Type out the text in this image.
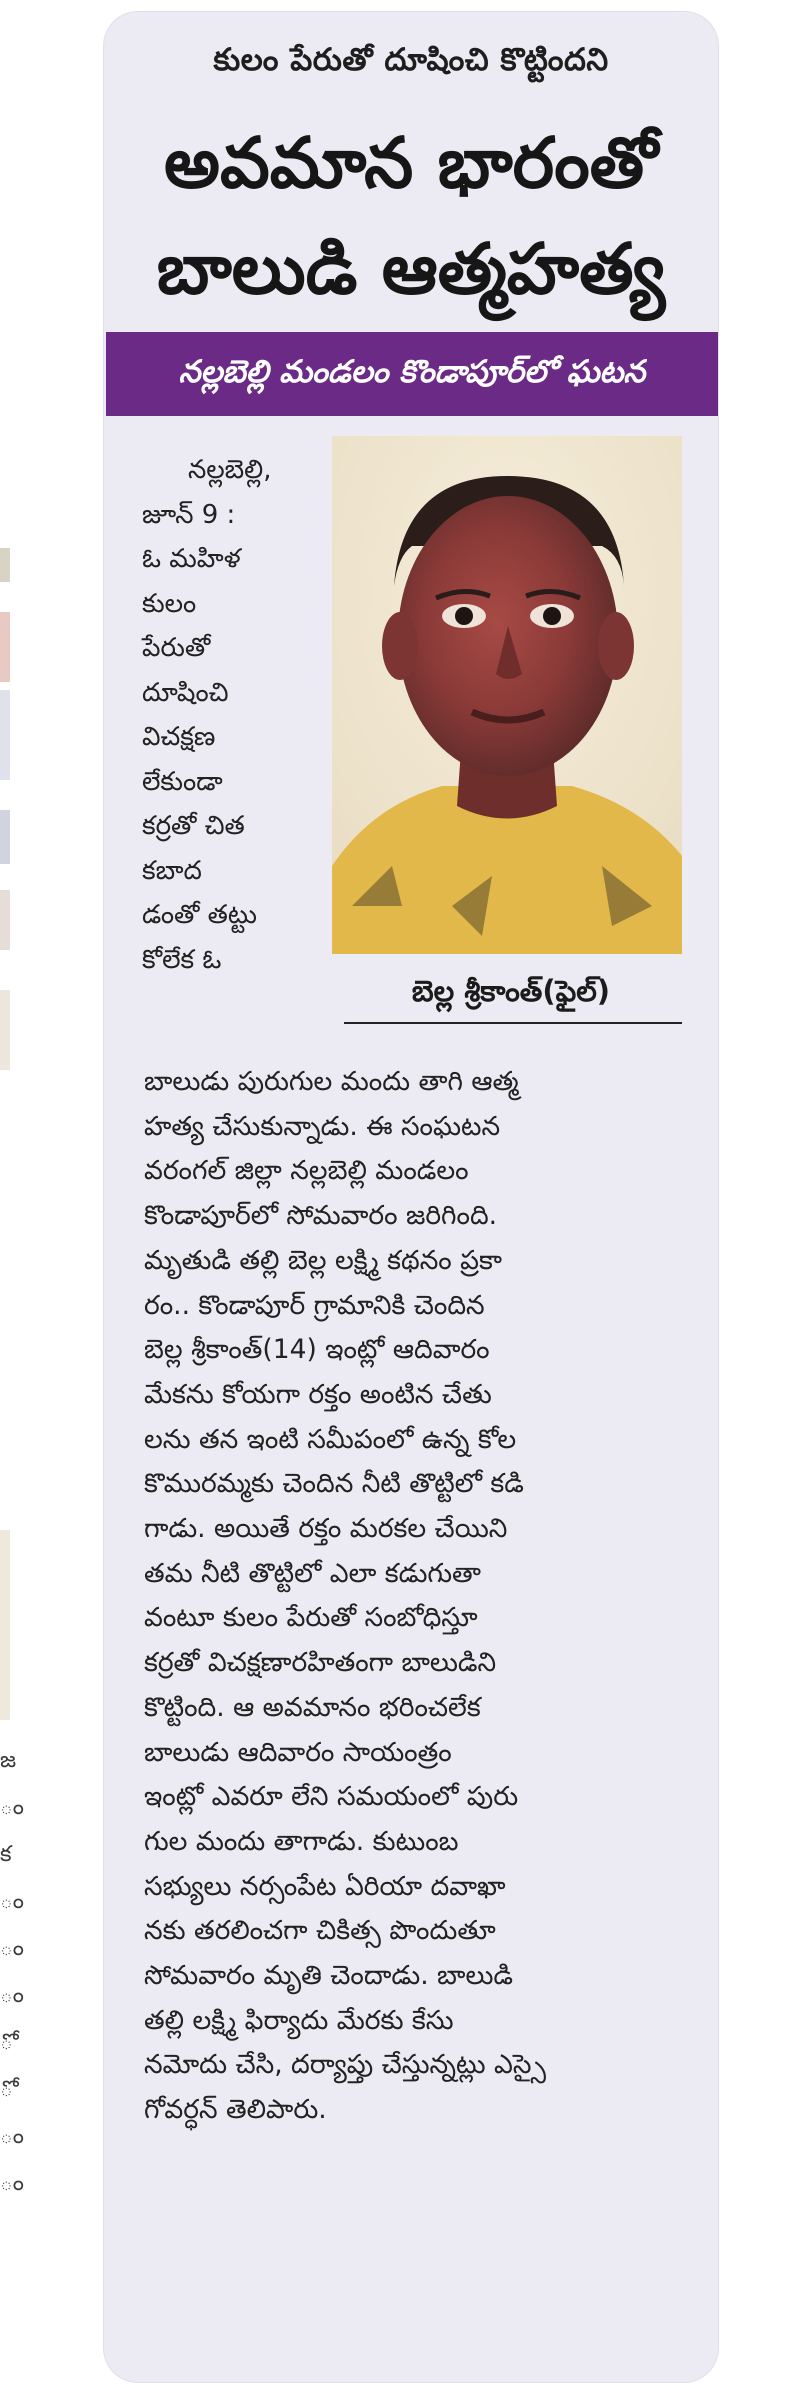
జ
ం
క
ం
ం
ం
ో
ో
ం
ం
కులం పేరుతో దూషించి కొట్టిందని
అవమాన భారంతో
బాలుడి ఆత్మహత్య
నల్లబెల్లి మండలం కొండాపూర్‌లో ఘటన
బెల్ల శ్రీకాంత్(ఫైల్)
నల్లబెల్లి,
జూన్ 9 :
ఓ మహిళ
కులం
పేరుతో
దూషించి
విచక్షణ
లేకుండా
కర్రతో చిత
కబాద
డంతో తట్టు
కోలేక ఓ
బాలుడు పురుగుల మందు తాగి ఆత్మ
హత్య చేసుకున్నాడు. ఈ సంఘటన
వరంగల్ జిల్లా నల్లబెల్లి మండలం
కొండాపూర్‌లో సోమవారం జరిగింది.
మృతుడి తల్లి బెల్ల లక్ష్మి కథనం ప్రకా
రం.. కొండాపూర్ గ్రామానికి చెందిన
బెల్ల శ్రీకాంత్(14) ఇంట్లో ఆదివారం
మేకను కోయగా రక్తం అంటిన చేతు
లను తన ఇంటి సమీపంలో ఉన్న కోల
కొమురమ్మకు చెందిన నీటి తొట్టిలో కడి
గాడు. అయితే రక్తం మరకల చేయిని
తమ నీటి తొట్టిలో ఎలా కడుగుతా
వంటూ కులం పేరుతో సంబోధిస్తూ
కర్రతో విచక్షణారహితంగా బాలుడిని
కొట్టింది. ఆ అవమానం భరించలేక
బాలుడు ఆదివారం సాయంత్రం
ఇంట్లో ఎవరూ లేని సమయంలో పురు
గుల మందు తాగాడు. కుటుంబ
సభ్యులు నర్సంపేట ఏరియా దవాఖా
నకు తరలించగా చికిత్స పొందుతూ
సోమవారం మృతి చెందాడు. బాలుడి
తల్లి లక్ష్మి ఫిర్యాదు మేరకు కేసు
నమోదు చేసి, దర్యాప్తు చేస్తున్నట్లు ఎస్సై
గోవర్ధన్ తెలిపారు.
